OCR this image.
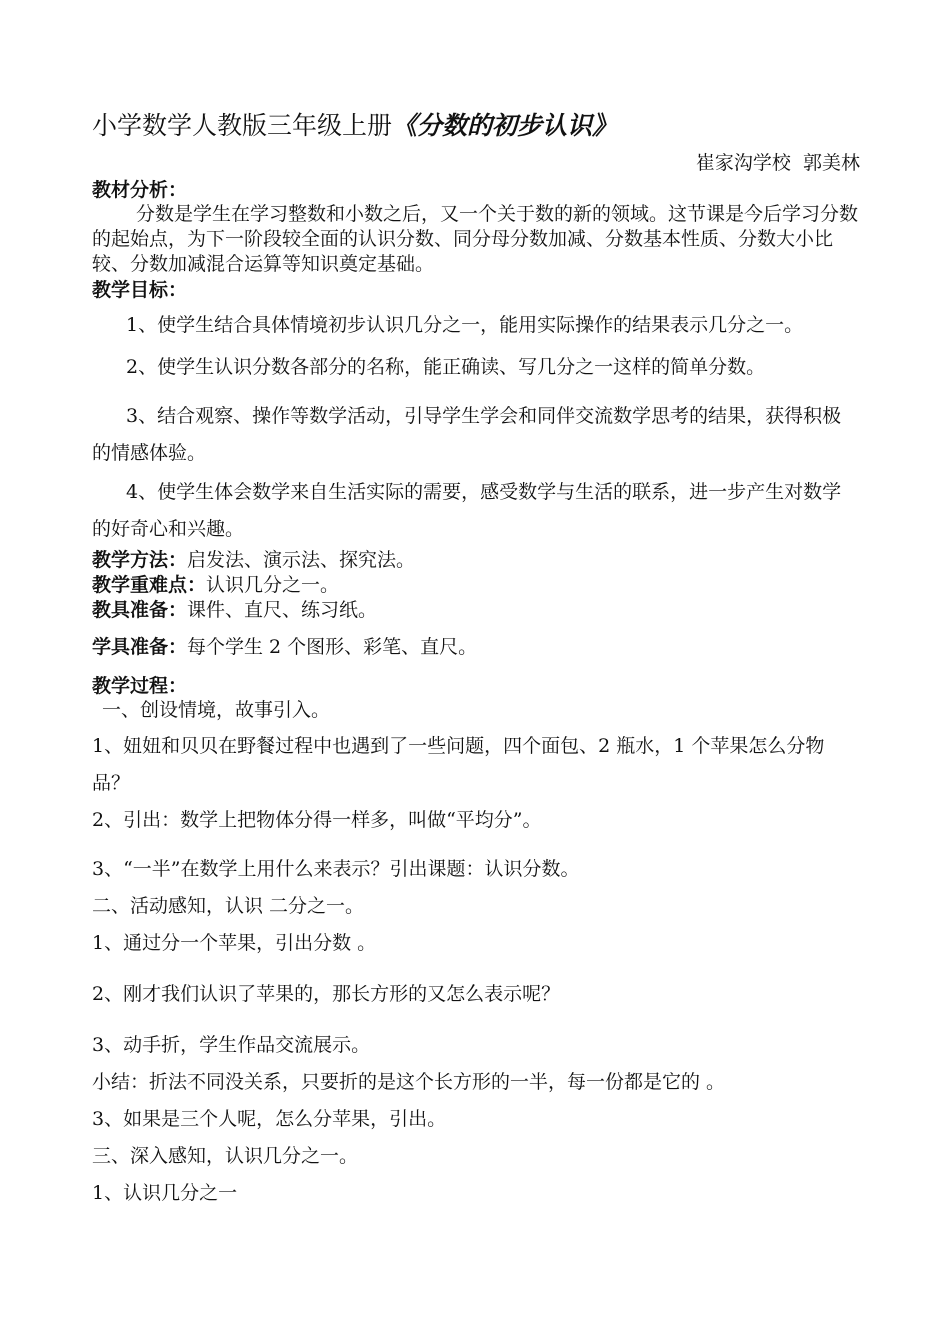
小学数学人教版三年级上册《分数的初步认识》
崔家沟学校  郭美林
教材分析：
分数是学生在学习整数和小数之后，又一个关于数的新的领域。这节课是今后学习分数的起始点，为下一阶段较全面的认识分数、同分母分数加减、分数基本性质、分数大小比较、分数加减混合运算等知识奠定基础。
教学目标：
1、使学生结合具体情境初步认识几分之一，能用实际操作的结果表示几分之一。
2、使学生认识分数各部分的名称，能正确读、写几分之一这样的简单分数。
3、结合观察、操作等数学活动，引导学生学会和同伴交流数学思考的结果，获得积极的情感体验。
4、使学生体会数学来自生活实际的需要，感受数学与生活的联系，进一步产生对数学的好奇心和兴趣。
教学方法：启发法、演示法、探究法。
教学重难点：认识几分之一。
教具准备：课件、直尺、练习纸。
学具准备：每个学生 2 个图形、彩笔、直尺。
教学过程：
一、创设情境，故事引入。
1、妞妞和贝贝在野餐过程中也遇到了一些问题，四个面包、2 瓶水，1 个苹果怎么分物品？
2、引出：数学上把物体分得一样多，叫做“平均分”。
3、“一半”在数学上用什么来表示？引出课题：认识分数。
二、活动感知，认识 二分之一。
1、通过分一个苹果，引出分数 。
2、刚才我们认识了苹果的，那长方形的又怎么表示呢？
3、动手折，学生作品交流展示。
小结：折法不同没关系，只要折的是这个长方形的一半，每一份都是它的 。
3、如果是三个人呢，怎么分苹果，引出。
三、深入感知，认识几分之一。
1、认识几分之一
